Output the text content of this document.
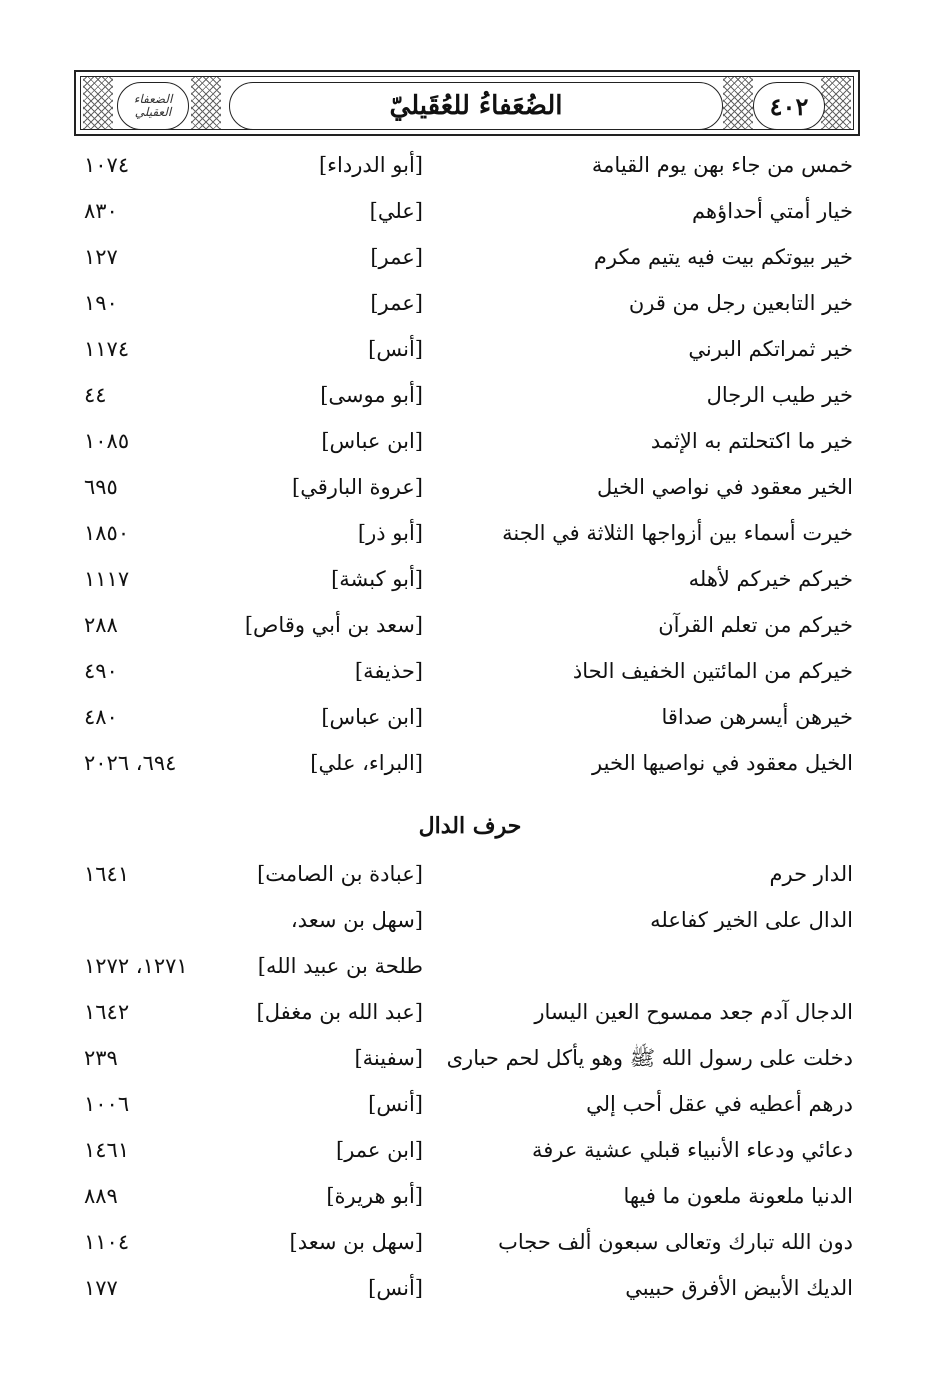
الضعفاء العقيلي	الضُعَفاءُ للعُقَيليّ	٤٠٢
خمس من جاء بهن يوم القيامة
[أبو الدرداء]
١٠٧٤
خيار أمتي أحداؤهم
[علي]
٨٣٠
خير بيوتكم بيت فيه يتيم مكرم
[عمر]
١٢٧
خير التابعين رجل من قرن
[عمر]
١٩٠
خير ثمراتكم البرني
[أنس]
١١٧٤
خير طيب الرجال
[أبو موسى]
٤٤
خير ما اكتحلتم به الإثمد
[ابن عباس]
١٠٨٥
الخير معقود في نواصي الخيل
[عروة البارقي]
٦٩٥
خيرت أسماء بين أزواجها الثلاثة في الجنة
[أبو ذر]
١٨٥٠
خيركم خيركم لأهله
[أبو كبشة]
١١١٧
خيركم من تعلم القرآن
[سعد بن أبي وقاص]
٢٨٨
خيركم من المائتين الخفيف الحاذ
[حذيفة]
٤٩٠
خيرهن أيسرهن صداقا
[ابن عباس]
٤٨٠
الخيل معقود في نواصيها الخير
[البراء، علي]
٦٩٤، ٢٠٢٦
حرف الدال
الدار حرم
[عبادة بن الصامت]
١٦٤١
الدال على الخير كفاعله
[سهل بن سعد،
طلحة بن عبيد الله]
١٢٧١، ١٢٧٢
الدجال آدم جعد ممسوح العين اليسار
[عبد الله بن مغفل]
١٦٤٢
دخلت على رسول الله ﷺ وهو يأكل لحم حبارى
[سفينة]
٢٣٩
درهم أعطيه في عقل أحب إلي
[أنس]
١٠٠٦
دعائي ودعاء الأنبياء قبلي عشية عرفة
[ابن عمر]
١٤٦١
الدنيا ملعونة ملعون ما فيها
[أبو هريرة]
٨٨٩
دون الله تبارك وتعالى سبعون ألف حجاب
[سهل بن سعد]
١١٠٤
الديك الأبيض الأفرق حبيبي
[أنس]
١٧٧
